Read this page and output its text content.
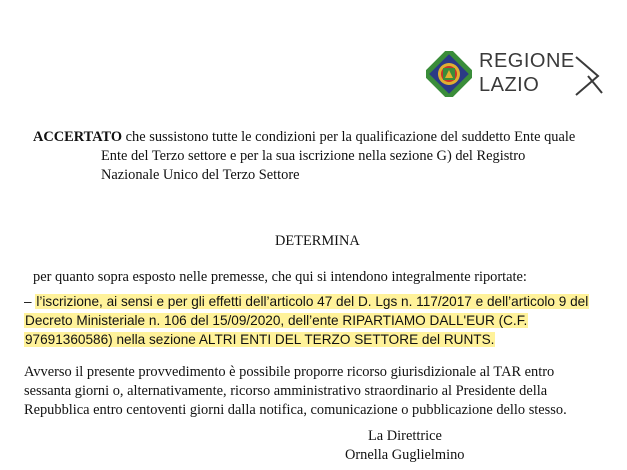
REGIONE
LAZIO
ACCERTATO che sussistono tutte le condizioni per la qualificazione del suddetto Ente quale
Ente del Terzo settore e per la sua iscrizione nella sezione G) del Registro
Nazionale Unico del Terzo Settore
DETERMINA
per quanto sopra esposto nelle premesse, che qui si intendono integralmente riportate:
– l’iscrizione, ai sensi e per gli effetti dell’articolo 47 del D. Lgs n. 117/2017 e dell’articolo 9 del
Decreto Ministeriale n. 106 del 15/09/2020, dell’ente RIPARTIAMO DALL'EUR (C.F.
97691360586) nella sezione ALTRI ENTI DEL TERZO SETTORE del RUNTS.
Avverso il presente provvedimento è possibile proporre ricorso giurisdizionale al TAR entro
sessanta giorni o, alternativamente, ricorso amministrativo straordinario al Presidente della
Repubblica entro centoventi giorni dalla notifica, comunicazione o pubblicazione dello stesso.
La Direttrice
Ornella Guglielmino
